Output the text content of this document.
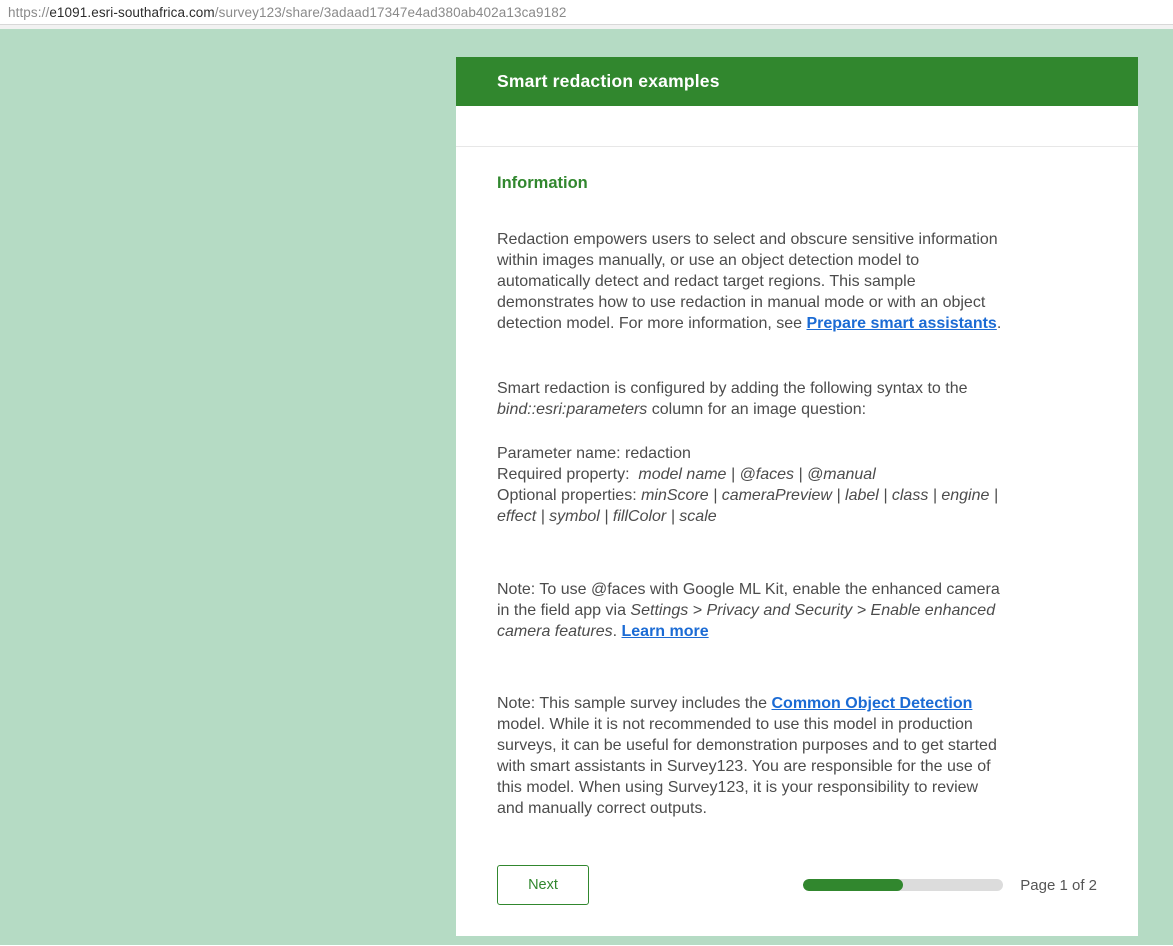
https:// e1091.esri-southafrica.com /survey123/share/3adaad17347e4ad380ab402a13ca9182
Smart redaction examples
Information
Redaction empowers users to select and obscure sensitive information
within images manually, or use an object detection model to
automatically detect and redact target regions. This sample
demonstrates how to use redaction in manual mode or with an object
detection model. For more information, see Prepare smart assistants.
Smart redaction is configured by adding the following syntax to the
bind::esri:parameters column for an image question:
Parameter name: redaction
Required property:  model name | @faces | @manual
Optional properties: minScore | cameraPreview | label | class | engine |
effect | symbol | fillColor | scale
Note: To use @faces with Google ML Kit, enable the enhanced camera
in the field app via Settings > Privacy and Security > Enable enhanced
camera features. Learn more
Note: This sample survey includes the Common Object Detection
model. While it is not recommended to use this model in production
surveys, it can be useful for demonstration purposes and to get started
with smart assistants in Survey123. You are responsible for the use of
this model. When using Survey123, it is your responsibility to review
and manually correct outputs.
Next	Page 1 of 2
